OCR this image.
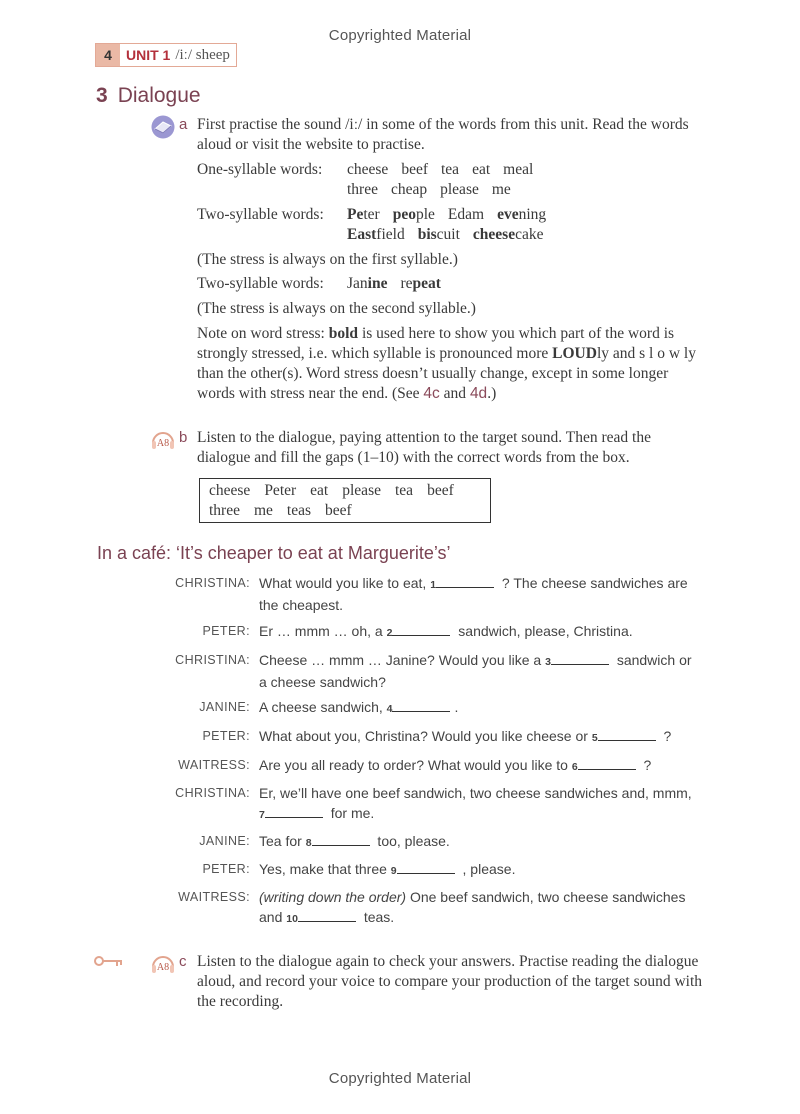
Copyrighted Material
4	UNIT 1 /iː/ sheep
3 Dialogue
a First practise the sound /iː/ in some of the words from this unit. Read the words aloud or visit the website to practise.
One-syllable words: cheese beef tea eat meal
three cheap please me
Two-syllable words: Peter people Edam evening
Eastfield biscuit cheesecake
(The stress is always on the first syllable.)
Two-syllable words: Janine repeat
(The stress is always on the second syllable.)
Note on word stress: bold is used here to show you which part of the word is strongly stressed, i.e. which syllable is pronounced more LOUDly and s l o w ly than the other(s). Word stress doesn’t usually change, except in some longer words with stress near the end. (See 4c and 4d.)
A8 b Listen to the dialogue, paying attention to the target sound. Then read the dialogue and fill the gaps (1–10) with the correct words from the box.
cheese Peter eat please tea beef
three me teas beef
In a café: ‘It’s cheaper to eat at Marguerite’s’
CHRISTINA: What would you like to eat, 1	? The cheese sandwiches are the cheapest.
PETER: Er … mmm … oh, a 2	sandwich, please, Christina.
CHRISTINA: Cheese … mmm … Janine? Would you like a 3	sandwich or a cheese sandwich?
JANINE: A cheese sandwich, 4	.
PETER: What about you, Christina? Would you like cheese or 5	?
WAITRESS: Are you all ready to order? What would you like to 6	?
CHRISTINA: Er, we’ll have one beef sandwich, two cheese sandwiches and, mmm, 7	for me.
JANINE: Tea for 8	too, please.
PETER: Yes, make that three 9	, please.
WAITRESS: (writing down the order) One beef sandwich, two cheese sandwiches and 10	teas.
A8 c Listen to the dialogue again to check your answers. Practise reading the dialogue aloud, and record your voice to compare your production of the target sound with the recording.
Copyrighted Material
